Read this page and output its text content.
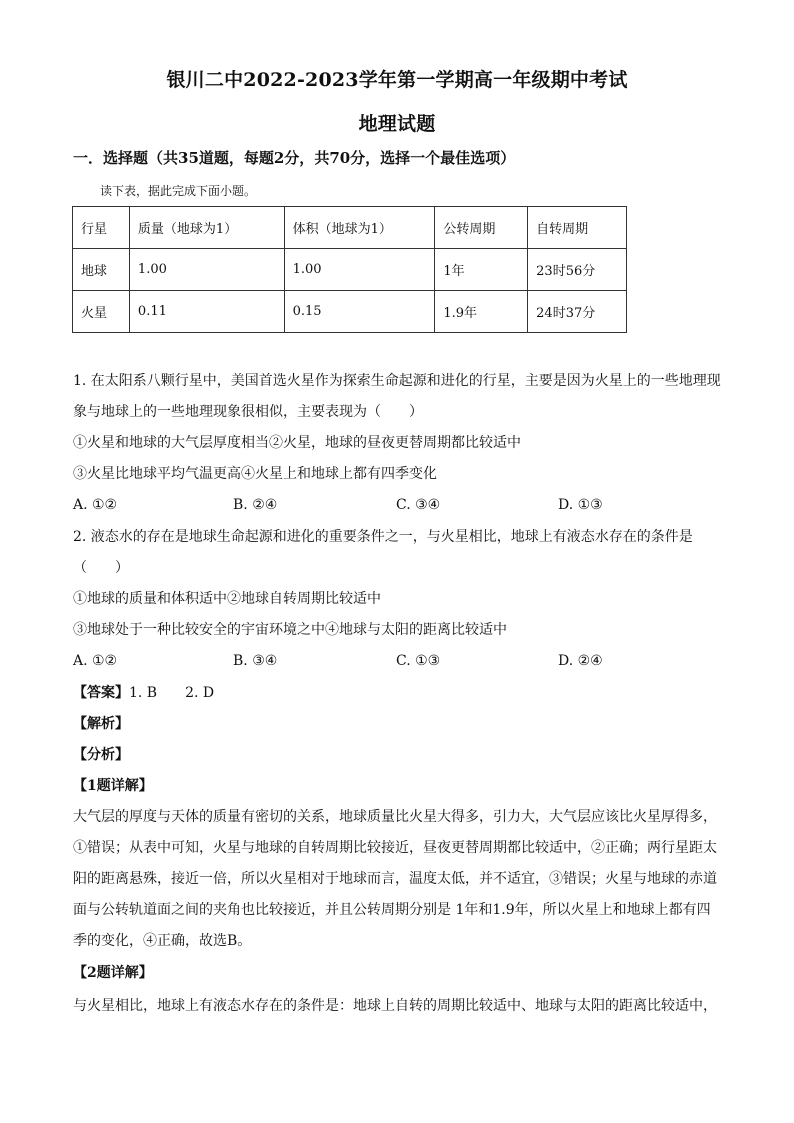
银川二中2022-2023学年第一学期高一年级期中考试
地理试题
一．选择题（共35道题，每题2分，共70分，选择一个最佳选项）
读下表，据此完成下面小题。
行星	质量（地球为1）	体积（地球为1）	公转周期	自转周期
地球	1.00	1.00	1年	23时56分
火星	0.11	0.15	1.9年	24时37分
1. 在太阳系八颗行星中，美国首选火星作为探索生命起源和进化的行星，主要是因为火星上的一些地理现
象与地球上的一些地理现象很相似，主要表现为（　　）
①火星和地球的大气层厚度相当②火星，地球的昼夜更替周期都比较适中
③火星比地球平均气温更高④火星上和地球上都有四季变化
A. ①②	B. ②④	C. ③④	D. ①③
2. 液态水的存在是地球生命起源和进化的重要条件之一，与火星相比，地球上有液态水存在的条件是
（　　）
①地球的质量和体积适中②地球自转周期比较适中
③地球处于一种比较安全的宇宙环境之中④地球与太阳的距离比较适中
A. ①②	B. ③④	C. ①③	D. ②④
【答案】1. B　　2. D
【解析】
【分析】
【1题详解】
大气层的厚度与天体的质量有密切的关系，地球质量比火星大得多，引力大，大气层应该比火星厚得多，①错误；从表中可知，火星与地球的自转周期比较接近，昼夜更替周期都比较适中，②正确；两行星距太阳的距离悬殊，接近一倍，所以火星相对于地球而言，温度太低，并不适宜，③错误；火星与地球的赤道面与公转轨道面之间的夹角也比较接近，并且公转周期分别是 1年和1.9年，所以火星上和地球上都有四季的变化，④正确，故选B。
【2题详解】
与火星相比，地球上有液态水存在的条件是：地球上自转的周期比较适中、地球与太阳的距离比较适中，
